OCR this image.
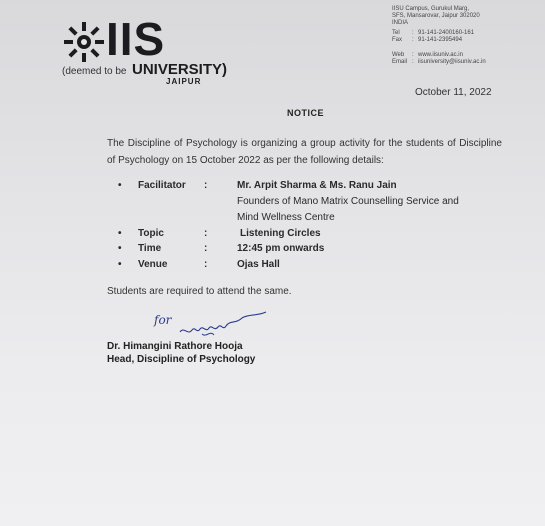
IIS
(deemed to be UNIVERSITY)
JAIPUR
IISU Campus, Gurukul Marg,
SFS, Mansarovar, Jaipur 302020
INDIA
Tel	: 91-141-2400160-161
Fax	: 91-141-2395494
Web	: www.iisuniv.ac.in
Email : iisuniversity@iisuniv.ac.in
October 11, 2022
NOTICE
The Discipline of Psychology is organizing a group activity for the students of Discipline of Psychology on 15 October 2022 as per the following details:
• Facilitator :	Mr. Arpit Sharma & Ms. Ranu Jain
Founders of Mano Matrix Counselling Service and
Mind Wellness Centre
• Topic	:	Listening Circles
• Time	:	12:45 pm onwards
• Venue	:	Ojas Hall
Students are required to attend the same.
for
Dr. Himangini Rathore Hooja
Head, Discipline of Psychology
